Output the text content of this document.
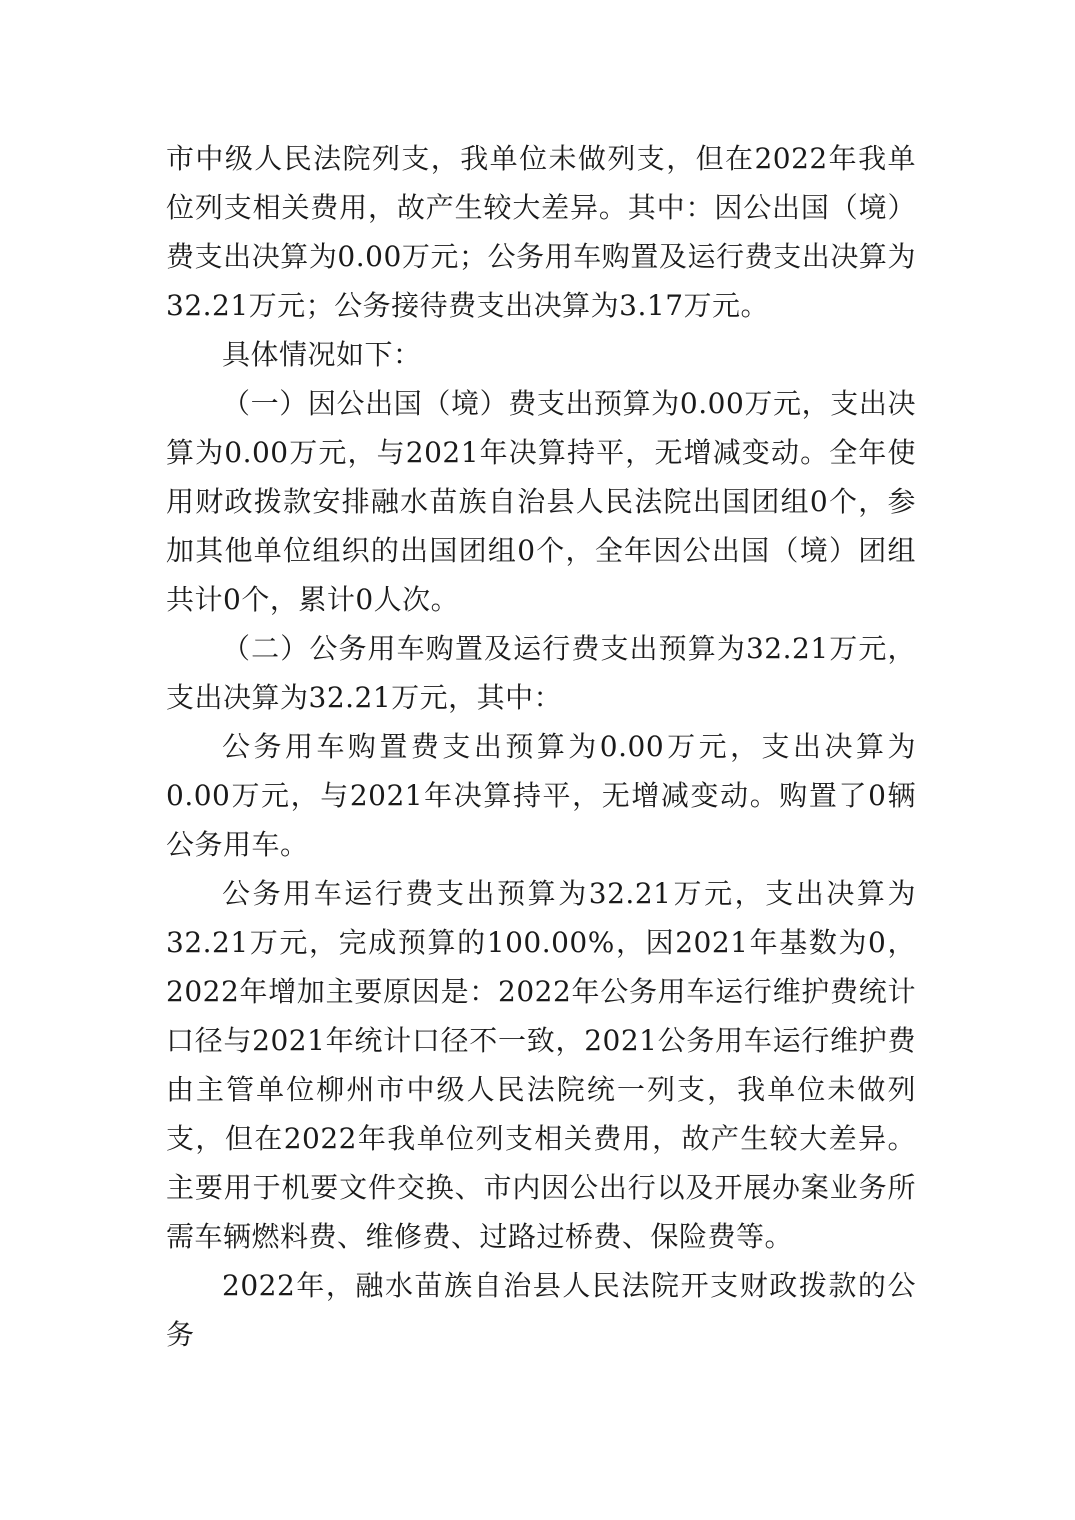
市中级人民法院列支，我单位未做列支，但在2022年我单位列支相关费用，故产生较大差异。其中：因公出国（境）费支出决算为0.00万元；公务用车购置及运行费支出决算为32.21万元；公务接待费支出决算为3.17万元。

具体情况如下：

（一）因公出国（境）费支出预算为0.00万元，支出决算为0.00万元，与2021年决算持平，无增减变动。全年使用财政拨款安排融水苗族自治县人民法院出国团组0个，参加其他单位组织的出国团组0个，全年因公出国（境）团组共计0个，累计0人次。

（二）公务用车购置及运行费支出预算为32.21万元，支出决算为32.21万元，其中：

公务用车购置费支出预算为0.00万元，支出决算为0.00万元，与2021年决算持平，无增减变动。购置了0辆公务用车。

公务用车运行费支出预算为32.21万元，支出决算为32.21万元，完成预算的100.00%，因2021年基数为0，2022年增加主要原因是：2022年公务用车运行维护费统计口径与2021年统计口径不一致，2021公务用车运行维护费由主管单位柳州市中级人民法院统一列支，我单位未做列支，但在2022年我单位列支相关费用，故产生较大差异。主要用于机要文件交换、市内因公出行以及开展办案业务所需车辆燃料费、维修费、过路过桥费、保险费等。

2022年，融水苗族自治县人民法院开支财政拨款的公务
